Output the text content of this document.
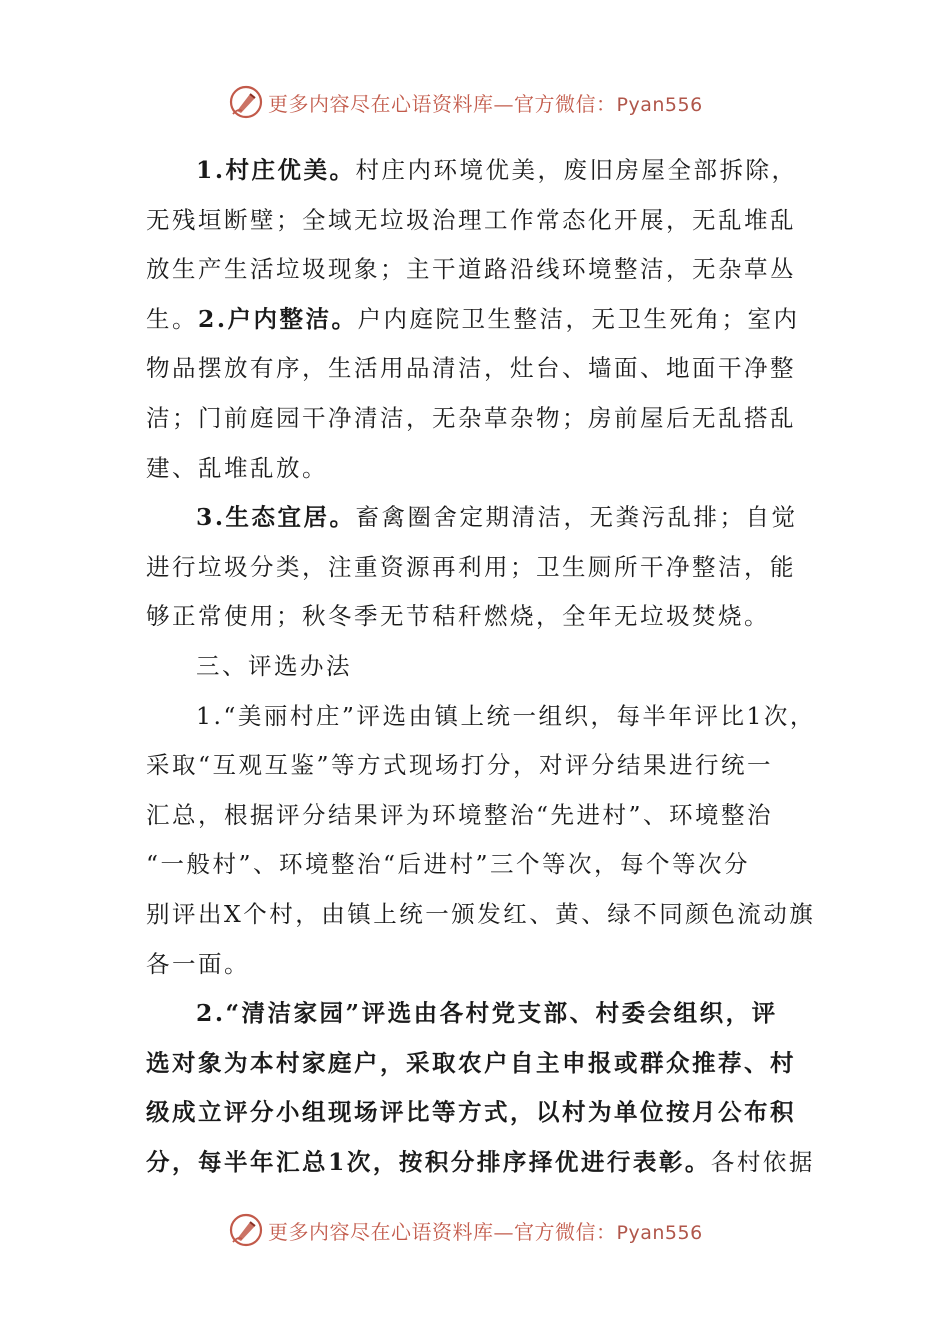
更多内容尽在心语资料库—官方微信：Pyan556
1.村庄优美。村庄内环境优美，废旧房屋全部拆除，
无残垣断壁；全域无垃圾治理工作常态化开展，无乱堆乱
放生产生活垃圾现象；主干道路沿线环境整洁，无杂草丛
生。2.户内整洁。户内庭院卫生整洁，无卫生死角；室内
物品摆放有序，生活用品清洁，灶台、墙面、地面干净整
洁；门前庭园干净清洁，无杂草杂物；房前屋后无乱搭乱
建、乱堆乱放。
3.生态宜居。畜禽圈舍定期清洁，无粪污乱排；自觉
进行垃圾分类，注重资源再利用；卫生厕所干净整洁，能
够正常使用；秋冬季无节秸秆燃烧，全年无垃圾焚烧。
三、评选办法
1.“美丽村庄”评选由镇上统一组织，每半年评比1次，
采取“互观互鉴”等方式现场打分，对评分结果进行统一
汇总，根据评分结果评为环境整治“先进村”、环境整治
“一般村”、环境整治“后进村”三个等次，每个等次分
别评出X个村，由镇上统一颁发红、黄、绿不同颜色流动旗
各一面。
2.“清洁家园”评选由各村党支部、村委会组织，评
选对象为本村家庭户，采取农户自主申报或群众推荐、村
级成立评分小组现场评比等方式，以村为单位按月公布积
分，每半年汇总1次，按积分排序择优进行表彰。各村依据
更多内容尽在心语资料库—官方微信：Pyan556
